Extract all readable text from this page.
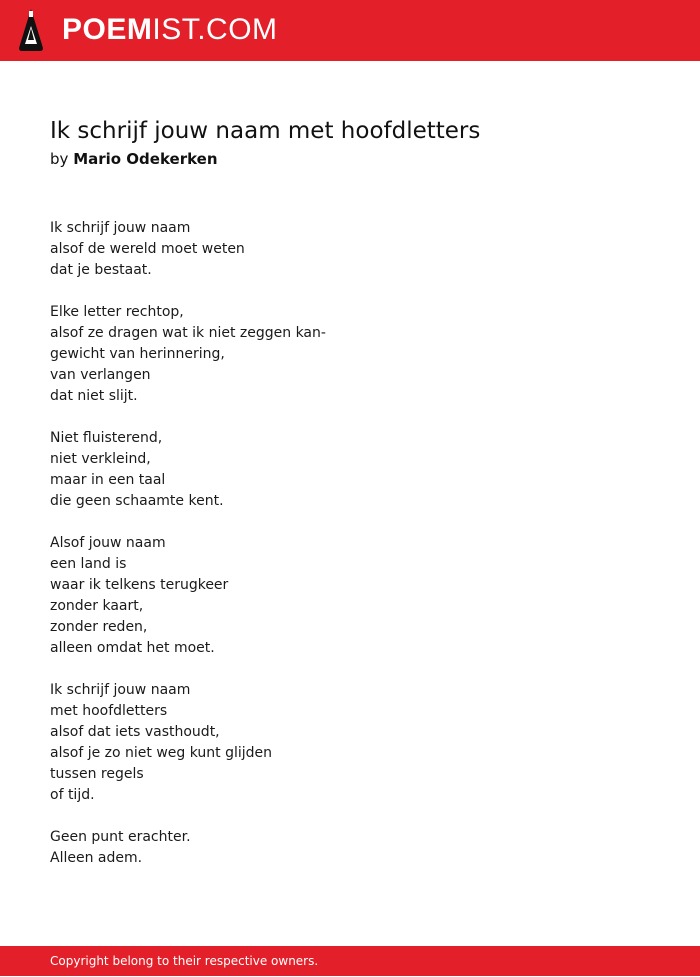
POEMIST.COM
Ik schrijf jouw naam met hoofdletters
by Mario Odekerken

Ik schrijf jouw naam
alsof de wereld moet weten
dat je bestaat.

Elke letter rechtop,
alsof ze dragen wat ik niet zeggen kan-
gewicht van herinnering,
van verlangen
dat niet slijt.

Niet fluisterend,
niet verkleind,
maar in een taal
die geen schaamte kent.

Alsof jouw naam
een land is
waar ik telkens terugkeer
zonder kaart,
zonder reden,
alleen omdat het moet.

Ik schrijf jouw naam
met hoofdletters
alsof dat iets vasthoudt,
alsof je zo niet weg kunt glijden
tussen regels
of tijd.

Geen punt erachter.
Alleen adem.

Copyright belong to their respective owners.
